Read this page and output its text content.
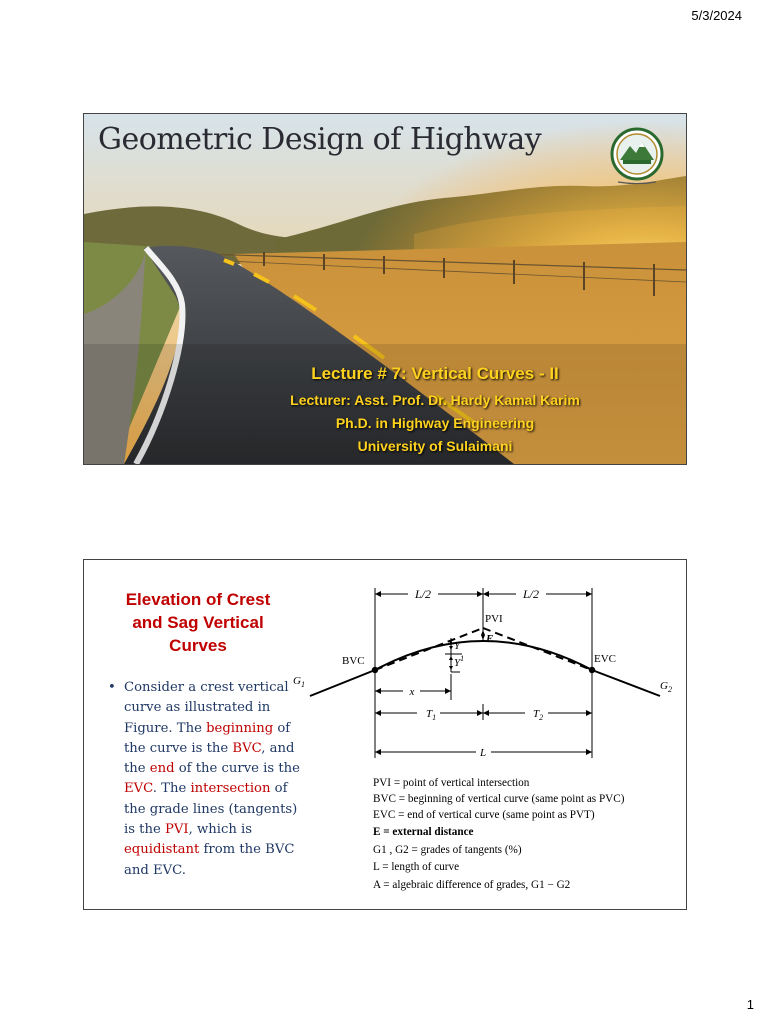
5/3/2024
Geometric Design of Highway
Lecture # 7: Vertical Curves - II
Lecturer: Asst. Prof. Dr. Hardy Kamal Karim
Ph.D. in Highway Engineering
University of Sulaimani
Elevation of Crest
and Sag Vertical
Curves
• Consider a crest vertical curve as illustrated in Figure. The beginning of the curve is the BVC, and the end of the curve is the EVC. The intersection of the grade lines (tangents) is the PVI, which is equidistant from the BVC and EVC.
L/2	L/2
E
Y
$Y^1$
x
PVI
BVC	EVC
$G_1$	$G_2$
$T_1$	$T_2$
L
PVI = point of vertical intersection
BVC = beginning of vertical curve (same point as PVC)
EVC = end of vertical curve (same point as PVT)
E = external distance
G1 , G2 = grades of tangents (%)
L = length of curve
A = algebraic difference of grades, G1 − G2
1
